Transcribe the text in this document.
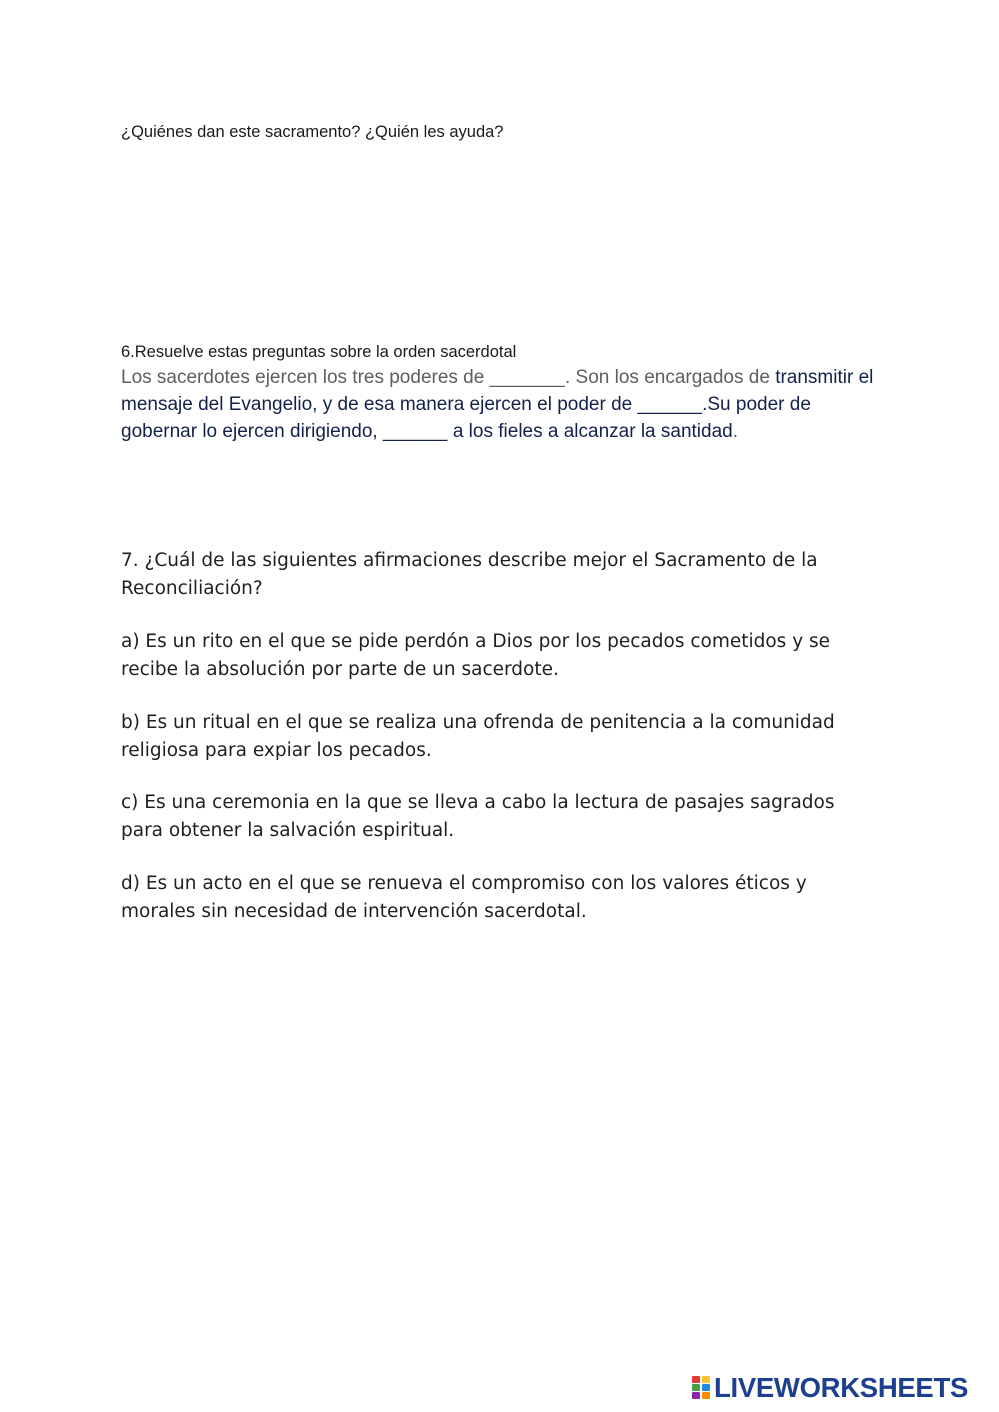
¿Quiénes dan este sacramento? ¿Quién les ayuda?
6.Resuelve estas preguntas sobre la orden sacerdotal
Los sacerdotes ejercen los tres poderes de _______. Son los encargados de transmitir el mensaje del Evangelio, y de esa manera ejercen el poder de ______.Su poder de gobernar lo ejercen dirigiendo, ______ a los fieles a alcanzar la santidad.
7. ¿Cuál de las siguientes afirmaciones describe mejor el Sacramento de la Reconciliación?
a) Es un rito en el que se pide perdón a Dios por los pecados cometidos y se recibe la absolución por parte de un sacerdote.
b) Es un ritual en el que se realiza una ofrenda de penitencia a la comunidad religiosa para expiar los pecados.
c) Es una ceremonia en la que se lleva a cabo la lectura de pasajes sagrados para obtener la salvación espiritual.
d) Es un acto en el que se renueva el compromiso con los valores éticos y morales sin necesidad de intervención sacerdotal.
LIVEWORKSHEETS
